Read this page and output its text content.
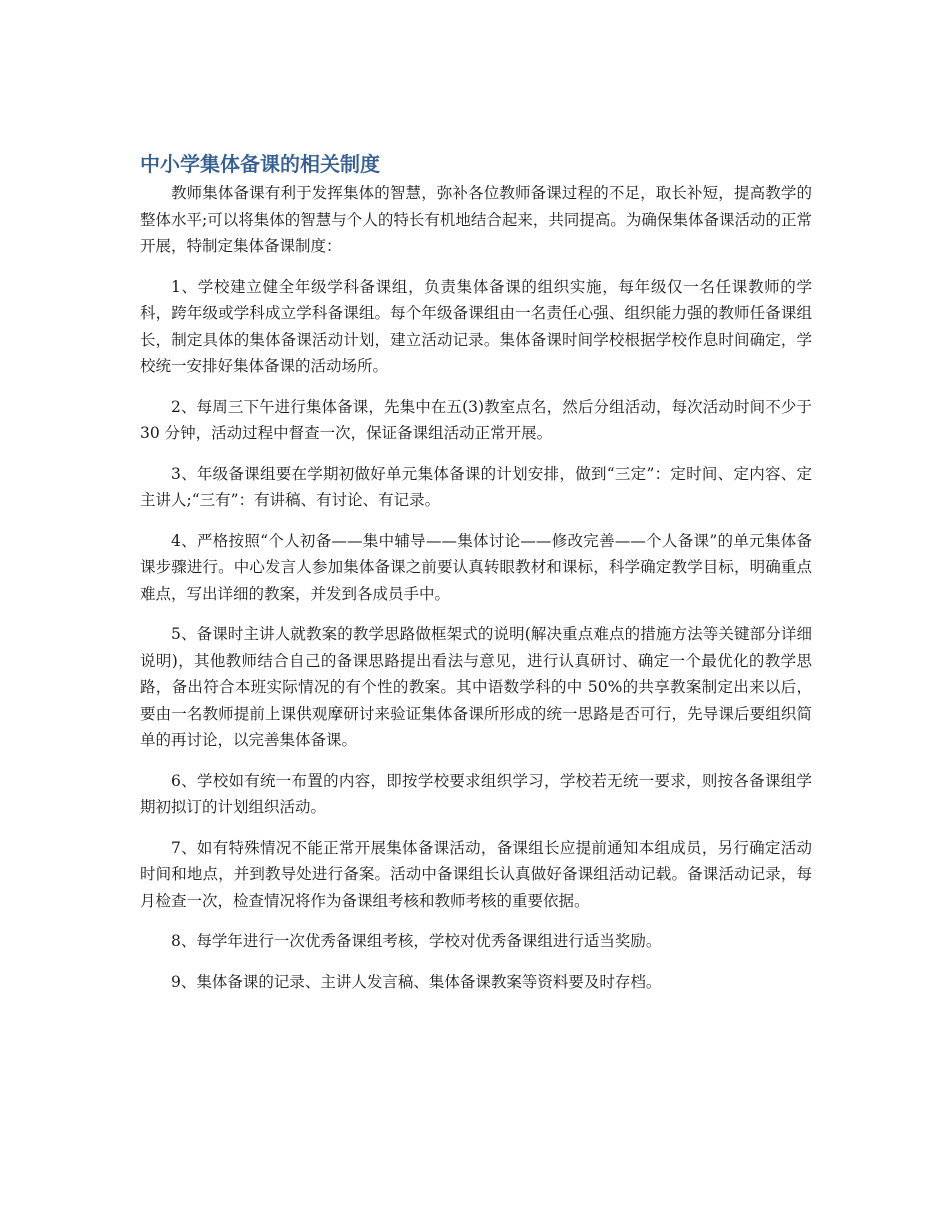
中小学集体备课的相关制度

教师集体备课有利于发挥集体的智慧，弥补各位教师备课过程的不足，取长补短，提高教学的整体水平;可以将集体的智慧与个人的特长有机地结合起来，共同提高。为确保集体备课活动的正常开展，特制定集体备课制度：

1、学校建立健全年级学科备课组，负责集体备课的组织实施，每年级仅一名任课教师的学科，跨年级或学科成立学科备课组。每个年级备课组由一名责任心强、组织能力强的教师任备课组长，制定具体的集体备课活动计划，建立活动记录。集体备课时间学校根据学校作息时间确定，学校统一安排好集体备课的活动场所。

2、每周三下午进行集体备课，先集中在五(3)教室点名，然后分组活动，每次活动时间不少于 30 分钟，活动过程中督查一次，保证备课组活动正常开展。

3、年级备课组要在学期初做好单元集体备课的计划安排，做到“三定”：定时间、定内容、定主讲人;“三有”：有讲稿、有讨论、有记录。

4、严格按照“个人初备——集中辅导——集体讨论——修改完善——个人备课”的单元集体备课步骤进行。中心发言人参加集体备课之前要认真转眼教材和课标，科学确定教学目标，明确重点难点，写出详细的教案，并发到各成员手中。

5、备课时主讲人就教案的教学思路做框架式的说明(解决重点难点的措施方法等关键部分详细说明)，其他教师结合自己的备课思路提出看法与意见，进行认真研讨、确定一个最优化的教学思路，备出符合本班实际情况的有个性的教案。其中语数学科的中 50%的共享教案制定出来以后，要由一名教师提前上课供观摩研讨来验证集体备课所形成的统一思路是否可行，先导课后要组织简单的再讨论，以完善集体备课。

6、学校如有统一布置的内容，即按学校要求组织学习，学校若无统一要求，则按各备课组学期初拟订的计划组织活动。

7、如有特殊情况不能正常开展集体备课活动，备课组长应提前通知本组成员，另行确定活动时间和地点，并到教导处进行备案。活动中备课组长认真做好备课组活动记载。备课活动记录，每月检查一次，检查情况将作为备课组考核和教师考核的重要依据。

8、每学年进行一次优秀备课组考核，学校对优秀备课组进行适当奖励。

9、集体备课的记录、主讲人发言稿、集体备课教案等资料要及时存档。
